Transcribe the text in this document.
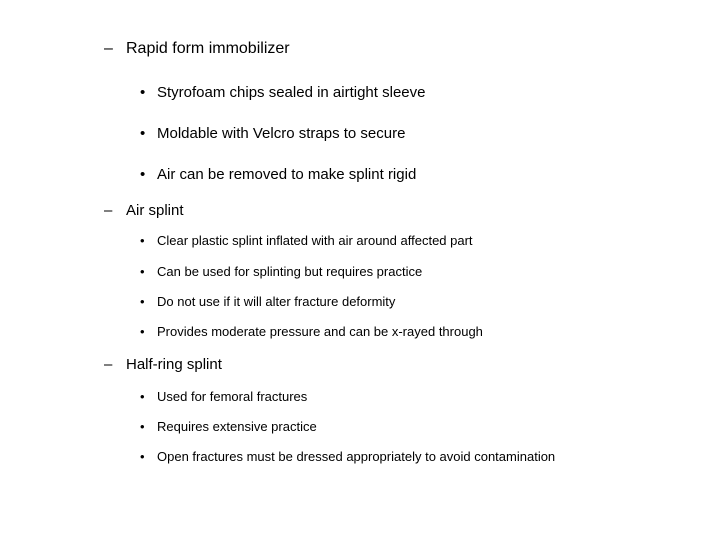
– Rapid form immobilizer
• Styrofoam chips sealed in airtight sleeve
• Moldable with Velcro straps to secure
• Air can be removed to make splint rigid
– Air splint
• Clear plastic splint inflated with air around affected part
• Can be used for splinting but requires practice
• Do not use if it will alter fracture deformity
• Provides moderate pressure and can be x-rayed through
– Half-ring splint
• Used for femoral fractures
• Requires extensive practice
• Open fractures must be dressed appropriately to avoid contamination
